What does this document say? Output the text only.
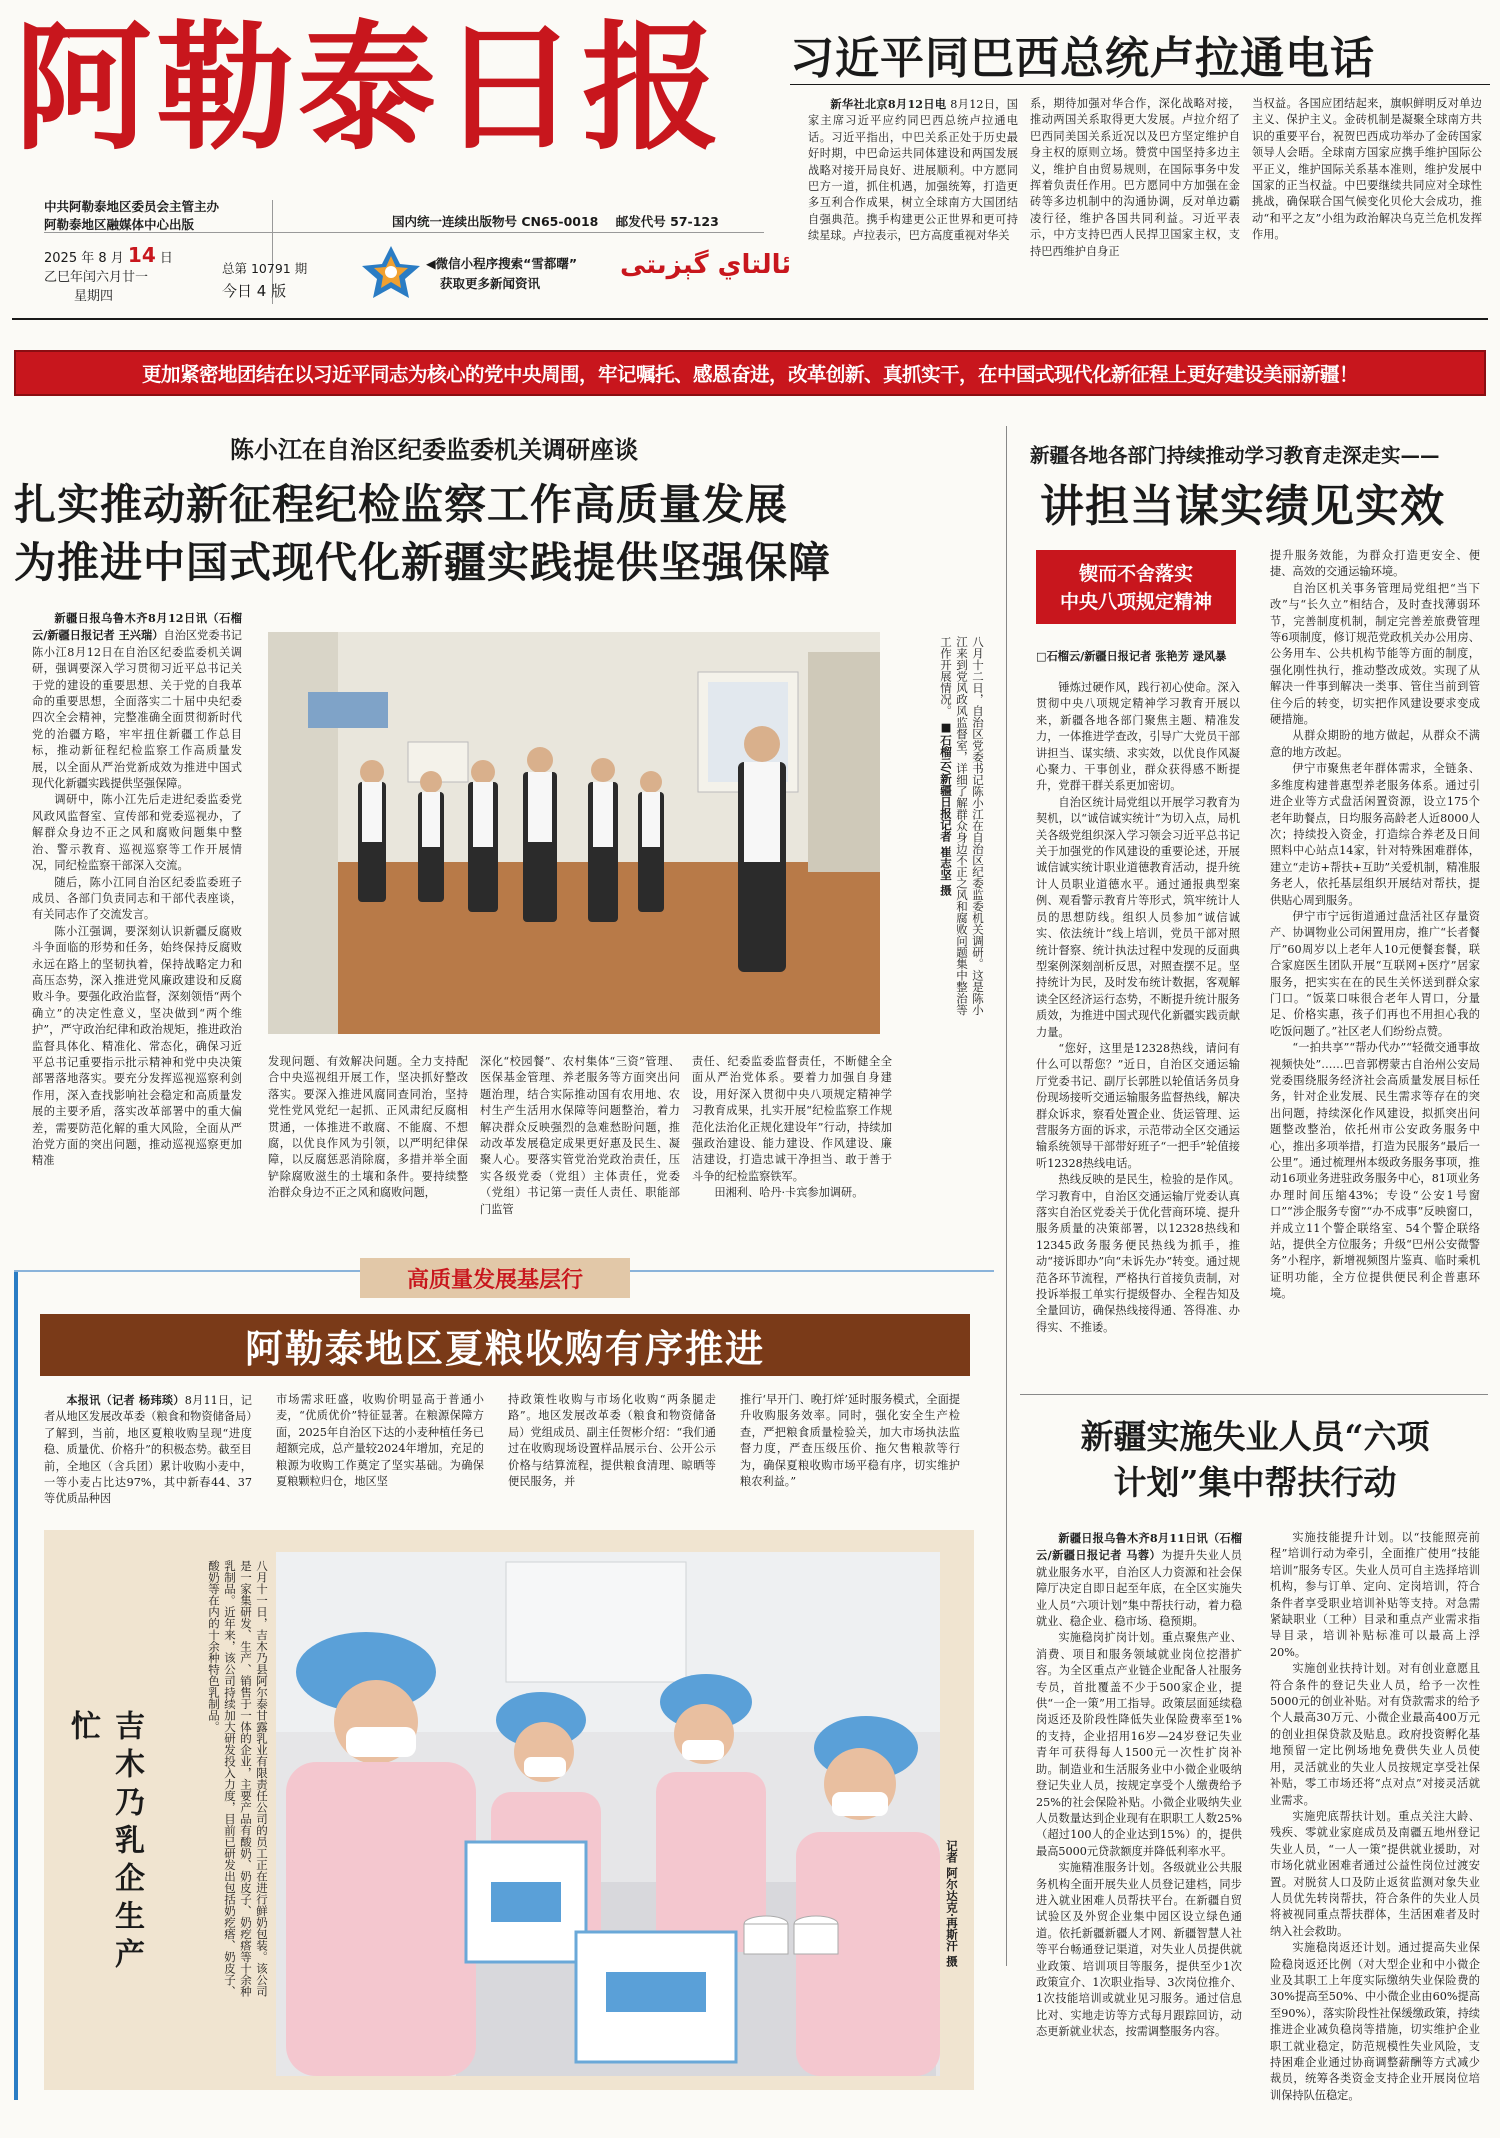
阿勒泰日报
中共阿勒泰地区委员会主管主办
阿勒泰地区融媒体中心出版	国内统一连续出版物号 CN65-0018 邮发代号 57-123
2025 年 8 月 14 日
乙巳年闰六月廿一
星期四
总第 10791 期
今日 4 版
◀微信小程序搜索“雪都曙”
获取更多新闻资讯
ئالتاي گېزىتى
习近平同巴西总统卢拉通电话

新华社北京8月12日电 8月12日，国家主席习近平应约同巴西总统卢拉通电话。习近平指出，中巴关系正处于历史最好时期，中巴命运共同体建设和两国发展战略对接开局良好、进展顺利。中方愿同巴方一道，抓住机遇，加强统筹，打造更多互利合作成果，树立全球南方大国团结自强典范。携手构建更公正世界和更可持续星球。卢拉表示，巴方高度重视对华关

系，期待加强对华合作，深化战略对接，推动两国关系取得更大发展。卢拉介绍了巴西同美国关系近况以及巴方坚定维护自身主权的原则立场。赞赏中国坚持多边主义，维护自由贸易规则，在国际事务中发挥着负责任作用。巴方愿同中方加强在金砖等多边机制中的沟通协调，反对单边霸凌行径，维护各国共同利益。习近平表示，中方支持巴西人民捍卫国家主权，支持巴西维护自身正

当权益。各国应团结起来，旗帜鲜明反对单边主义、保护主义。金砖机制是凝聚全球南方共识的重要平台，祝贺巴西成功举办了金砖国家领导人会晤。全球南方国家应携手维护国际公平正义，维护国际关系基本准则，维护发展中国家的正当权益。中巴要继续共同应对全球性挑战，确保联合国气候变化贝伦大会成功，推动“和平之友”小组为政治解决乌克兰危机发挥作用。

更加紧密地团结在以习近平同志为核心的党中央周围，牢记嘱托、感恩奋进，改革创新、真抓实干，在中国式现代化新征程上更好建设美丽新疆！
陈小江在自治区纪委监委机关调研座谈
扎实推动新征程纪检监察工作高质量发展
为推进中国式现代化新疆实践提供坚强保障

新疆日报乌鲁木齐8月12日讯（石榴云/新疆日报记者 王兴瑞）自治区党委书记陈小江8月12日在自治区纪委监委机关调研，强调要深入学习贯彻习近平总书记关于党的建设的重要思想、关于党的自我革命的重要思想，全面落实二十届中央纪委四次全会精神，完整准确全面贯彻新时代党的治疆方略，牢牢扭住新疆工作总目标，推动新征程纪检监察工作高质量发展，以全面从严治党新成效为推进中国式现代化新疆实践提供坚强保障。

调研中，陈小江先后走进纪委监委党风政风监督室、宣传部和党委巡视办，了解群众身边不正之风和腐败问题集中整治、警示教育、巡视巡察等工作开展情况，同纪检监察干部深入交流。

随后，陈小江同自治区纪委监委班子成员、各部门负责同志和干部代表座谈，有关同志作了交流发言。

陈小江强调，要深刻认识新疆反腐败斗争面临的形势和任务，始终保持反腐败永远在路上的坚韧执着，保持战略定力和高压态势，深入推进党风廉政建设和反腐败斗争。要强化政治监督，深刻领悟“两个确立”的决定性意义，坚决做到“两个维护”，严守政治纪律和政治规矩，推进政治监督具体化、精准化、常态化，确保习近平总书记重要指示批示精神和党中央决策部署落地落实。要充分发挥巡视巡察利剑作用，深入查找影响社会稳定和高质量发展的主要矛盾，落实改革部署中的重大偏差，需要防范化解的重大风险，全面从严治党方面的突出问题，推动巡视巡察更加精准

八月十二日，自治区党委书记陈小江在自治区纪委监委机关调研。这是陈小江来到党风政风监督室，详细了解群众身边不正之风和腐败问题集中整治等工作开展情况。 ■石榴云/新疆日报记者 崔志坚 摄

发现问题、有效解决问题。全力支持配合中央巡视组开展工作，坚决抓好整改落实。要深入推进风腐同查同治，坚持党性党风党纪一起抓、正风肃纪反腐相贯通，一体推进不敢腐、不能腐、不想腐，以优良作风为引领，以严明纪律保障，以反腐惩恶消除腐，多措并举全面铲除腐败滋生的土壤和条件。要持续整治群众身边不正之风和腐败问题，

深化“校园餐”、农村集体“三资”管理、医保基金管理、养老服务等方面突出问题治理，结合实际推动国有农用地、农村生产生活用水保障等问题整治，着力解决群众反映强烈的急难愁盼问题，推动改革发展稳定成果更好惠及民生、凝聚人心。要落实管党治党政治责任，压实各级党委（党组）主体责任，党委（党组）书记第一责任人责任、职能部门监管

责任、纪委监委监督责任，不断健全全面从严治党体系。要着力加强自身建设，用好深入贯彻中央八项规定精神学习教育成果，扎实开展“纪检监察工作规范化法治化正规化建设年”行动，持续加强政治建设、能力建设、作风建设、廉洁建设，打造忠诚干净担当、敢于善于斗争的纪检监察铁军。

田湘利、哈丹·卡宾参加调研。

新疆各地各部门持续推动学习教育走深走实——
讲担当谋实绩见实效
锲而不舍落实
中央八项规定精神
□石榴云/新疆日报记者 张艳芳 逯风暴

锤炼过硬作风，践行初心使命。深入贯彻中央八项规定精神学习教育开展以来，新疆各地各部门聚焦主题、精准发力，一体推进学查改，引导广大党员干部讲担当、谋实绩、求实效，以优良作风凝心聚力、干事创业，群众获得感不断提升，党群干群关系更加密切。

自治区统计局党组以开展学习教育为契机，以“诚信诚实统计”为切入点，局机关各级党组织深入学习领会习近平总书记关于加强党的作风建设的重要论述，开展诚信诚实统计职业道德教育活动，提升统计人员职业道德水平。通过通报典型案例、观看警示教育片等形式，筑牢统计人员的思想防线。组织人员参加“诚信诚实、依法统计”线上培训，党员干部对照统计督察、统计执法过程中发现的反面典型案例深刻剖析反思，对照查摆不足。坚持统计为民，及时发布统计数据，客观解读全区经济运行态势，不断提升统计服务质效，为推进中国式现代化新疆实践贡献力量。

“您好，这里是12328热线，请问有什么可以帮您？”近日，自治区交通运输厅党委书记、副厅长郭胜以轮值话务员身份现场接听交通运输服务监督热线，解决群众诉求，察看处置企业、货运管理、运营服务方面的诉求，示范带动全区交通运输系统领导干部带好班子“一把手”轮值接听12328热线电话。

热线反映的是民生，检验的是作风。学习教育中，自治区交通运输厅党委认真落实自治区党委关于优化营商环境、提升服务质量的决策部署，以12328热线和12345政务服务便民热线为抓手，推动“接诉即办”向“未诉先办”转变。通过规范各环节流程，严格执行首接负责制，对投诉举报工单实行提级督办、全程告知及全量回访，确保热线接得通、答得准、办得实、不推诿。

提升服务效能，为群众打造更安全、便捷、高效的交通运输环境。

自治区机关事务管理局党组把“当下改”与“长久立”相结合，及时查找薄弱环节，完善制度机制，制定完善差旅费管理等6项制度，修订规范党政机关办公用房、公务用车、公共机构节能等方面的制度，强化刚性执行，推动整改成效。实现了从解决一件事到解决一类事、管住当前到管住今后的转变，切实把作风建设要求变成硬措施。

从群众期盼的地方做起，从群众不满意的地方改起。

伊宁市聚焦老年群体需求，全链条、多维度构建普惠型养老服务体系。通过引进企业等方式盘活闲置资源，设立175个老年助餐点，日均服务高龄老人近8000人次；持续投入资金，打造综合养老及日间照料中心站点14家，针对特殊困难群体，建立“走访+帮扶+互助”关爱机制，精准服务老人，依托基层组织开展结对帮扶，提供贴心周到服务。

伊宁市宁远街道通过盘活社区存量资产、协调物业公司闲置用房，推广“长者餐厅”60周岁以上老年人10元便餐套餐，联合家庭医生团队开展“互联网+医疗”居家服务，把实实在在的民生关怀送到群众家门口。“饭菜口味很合老年人胃口，分量足、价格实惠，孩子们再也不用担心我的吃饭问题了。”社区老人们纷纷点赞。

“一拍共享”“帮办代办”“轻微交通事故视频快处”……巴音郭楞蒙古自治州公安局党委围绕服务经济社会高质量发展目标任务，针对企业发展、民生需求等存在的突出问题，持续深化作风建设，拟抓突出问题整改整治，依托州市公安政务服务中心，推出多项举措，打造为民服务“最后一公里”。通过梳理州本级政务服务事项，推动16项业务进驻政务服务中心，81项业务办理时间压缩43%；专设“公安1号窗口”“涉企服务专窗”“办不成事”反映窗口，并成立11个警企联络室、54个警企联络站，提供全方位服务；升级“巴州公安微警务”小程序，新增视频图片鉴真、临时乘机证明功能，全方位提供便民利企普惠环境。

高质量发展基层行
阿勒泰地区夏粮收购有序推进

本报讯（记者 杨玮琰）8月11日，记者从地区发展改革委（粮食和物资储备局）了解到，当前，地区夏粮收购呈现“进度稳、质量优、价格升”的积极态势。截至目前，全地区（含兵团）累计收购小麦中，一等小麦占比达97%，其中新春44、37等优质品种因

市场需求旺盛，收购价明显高于普通小麦，“优质优价”特征显著。在粮源保障方面，2025年自治区下达的小麦种植任务已超额完成，总产量较2024年增加，充足的粮源为收购工作奠定了坚实基础。为确保夏粮颗粒归仓，地区坚

持政策性收购与市场化收购“两条腿走路”。地区发展改革委（粮食和物资储备局）党组成员、副主任贺彬介绍：“我们通过在收购现场设置样品展示台、公开公示价格与结算流程，提供粮食清理、晾晒等便民服务，并

推行‘早开门、晚打烊’延时服务模式，全面提升收购服务效率。同时，强化安全生产检查，严把粮食质量检验关，加大市场执法监督力度，严查压级压价、拖欠售粮款等行为，确保夏粮收购市场平稳有序，切实维护粮农利益。”

吉木乃乳企生产忙	八月十一日，吉木乃县阿尔泰甘露乳业有限责任公司的员工正在进行鲜奶包装。该公司是一家集研发、生产、销售于一体的企业，主要产品有酸奶、奶皮子、奶疙瘩等十余种乳制品。近年来，该公司持续加大研发投入力度，目前已研发出包括奶疙瘩、奶皮子、酸奶等在内的十余种特色乳制品。
记者 阿尔达克·再斯汗 摄
新疆实施失业人员“六项
计划”集中帮扶行动

新疆日报乌鲁木齐8月11日讯（石榴云/新疆日报记者 马蓉）为提升失业人员就业服务水平，自治区人力资源和社会保障厅决定自即日起至年底，在全区实施失业人员“六项计划”集中帮扶行动，着力稳就业、稳企业、稳市场、稳预期。

实施稳岗扩岗计划。重点聚焦产业、消费、项目和服务领域就业岗位挖潜扩容。为全区重点产业链企业配备人社服务专员，首批覆盖不少于500家企业，提供“一企一策”用工指导。政策层面延续稳岗返还及阶段性降低失业保险费率至1%的支持，企业招用16岁—24岁登记失业青年可获得每人1500元一次性扩岗补助。制造业和生活服务业中小微企业吸纳登记失业人员，按规定享受个人缴费给予25%的社会保险补贴。小微企业吸纳失业人员数量达到企业现有在职职工人数25%（超过100人的企业达到15%）的，提供最高5000元贷款额度并降低利率水平。

实施精准服务计划。各级就业公共服务机构全面开展失业人员登记建档，同步进入就业困难人员帮扶平台。在新疆自贸试验区及外贸企业集中园区设立绿色通道。依托新疆新疆人才网、新疆智慧人社等平台畅通登记渠道，对失业人员提供就业政策、培训项目等服务，提供至少1次政策宣介、1次职业指导、3次岗位推介、1次技能培训或就业见习服务。通过信息比对、实地走访等方式每月跟踪回访，动态更新就业状态，按需调整服务内容。

实施技能提升计划。以“技能照亮前程”培训行动为牵引，全面推广使用“技能培训”服务专区。失业人员可自主选择培训机构，参与订单、定向、定岗培训，符合条件者享受职业培训补贴等支持。对急需紧缺职业（工种）目录和重点产业需求指导目录，培训补贴标准可以最高上浮20%。

实施创业扶持计划。对有创业意愿且符合条件的登记失业人员，给予一次性5000元的创业补贴。对有贷款需求的给予个人最高30万元、小微企业最高400万元的创业担保贷款及贴息。政府投资孵化基地预留一定比例场地免费供失业人员使用，灵活就业的失业人员按规定享受社保补贴，零工市场还将“点对点”对接灵活就业需求。

实施兜底帮扶计划。重点关注大龄、残疾、零就业家庭成员及南疆五地州登记失业人员，“一人一策”提供就业援助，对市场化就业困难者通过公益性岗位过渡安置。对脱贫人口及防止返贫监测对象失业人员优先转岗帮扶，符合条件的失业人员将被视同重点帮扶群体，生活困难者及时纳入社会救助。

实施稳岗返还计划。通过提高失业保险稳岗返还比例（对大型企业和中小微企业及其职工上年度实际缴纳失业保险费的30%提高至50%、中小微企业由60%提高至90%），落实阶段性社保缓缴政策，持续推进企业减负稳岗等措施，切实维护企业职工就业稳定，防范规模性失业风险，支持困难企业通过协商调整薪酬等方式减少裁员，统筹各类资金支持企业开展岗位培训保持队伍稳定。
